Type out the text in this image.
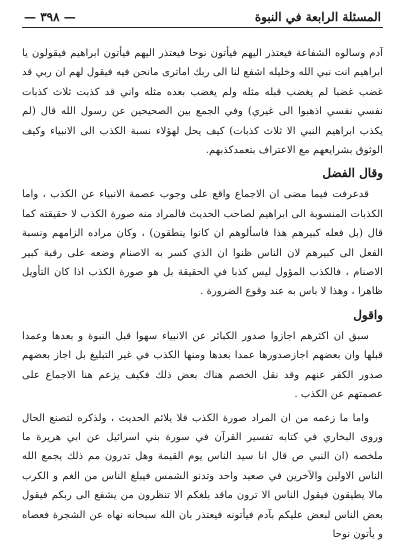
المسئلة الرابعة في النبوة
— ٣٩٨ —

آدم وسالوه الشفاعة فيعتذر اليهم فيأتون نوحا فيعتذر اليهم فيأتون ابراهيم فيقولون يا ابراهيم انت نبي الله وخليله اشفع لنا الى ربك اماترى مانحن فيه فيقول لهم ان ربي قد غضب غضبا لم يغضب قبله مثله ولم يغضب بعده مثله واني قد كذبت ثلاث كذبات نفسي نفسي اذهبوا الى غيري) وفي الجمع بين الصحيحين عن رسول الله قال (لم يكذب ابراهيم النبي الا ثلاث كذبات) كيف يحل لهؤلاء نسبة الكذب الى الانبياء وكيف الوثوق بشرايعهم مع الاعتراف بتعمدكذبهم.

وقال الفضل

قدعرفت فيما مضى ان الاجماع واقع على وجوب عصمة الانبياء عن الكذب ، واما الكذبات المنسوبة الى ابراهيم لصاحب الحديث فالمراد منه صورة الكذب لا حقيقته كما قال (بل فعله كبيرهم هذا فاسألوهم ان كانوا ينطقون) ، وكان مراده الزامهم ونسبة الفعل الى كبيرهم لان الناس ظنوا ان الذي كسر به الاصنام وضعه على رقبة كبير الاصنام ، فالكذب المؤول ليس كذبا في الحقيقة بل هو صورة الكذب اذا كان التأويل ظاهرا ، وهذا لا باس به عند وقوع الضرورة .

واقول

سبق ان اكثرهم اجازوا صدور الكبائر عن الانبياء سهوا قبل النبوة و بعدها وعمدا قبلها وان بعضهم اجازصدورها عمدا بعدها ومنها الكذب في غير التبليغ بل اجاز بعضهم صدور الكفر عنهم وقد نقل الخصم هناك بعض ذلك فكيف يزعم هنا الاجماع على عصمتهم عن الكذب .

واما ما زعمه من ان المراد صورة الكذب فلا يلائم الحديث ، ولذكره لتصنع الحال وروى البخاري في كتابه تفسير القرآن في سورة بني اسرائيل عن ابي هريرة ما ملخصه (ان النبي ص قال انا سيد الناس يوم القيمة وهل تدرون مم ذلك يجمع الله الناس الاولين والآخرين في صعيد واحد وتدنو الشمس فيبلغ الناس من الغم و الكرب مالا يطيقون فيقول الناس الا ترون ماقد بلغكم الا تنظرون من يشفع الى ربكم فيقول بعض الناس لبعض عليكم بآدم فيأتونه فيعتذر بان الله سبحانه نهاه عن الشجرة فعصاه و يأتون نوحا
